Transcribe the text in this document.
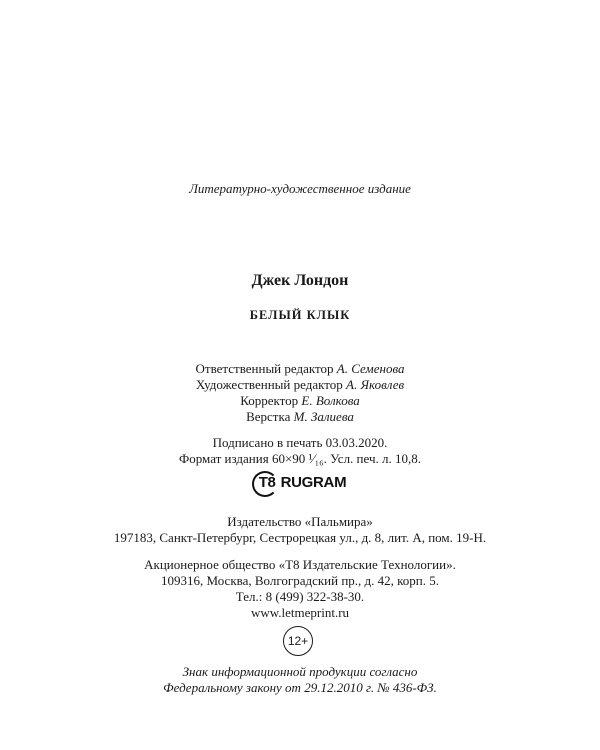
Литературно-художественное издание
Джек Лондон
БЕЛЫЙ КЛЫК
Ответственный редактор А. Семенова
Художественный редактор А. Яковлев
Корректор Е. Волкова
Верстка М. Залиева
Подписано в печать 03.03.2020.
Формат издания 60×90 ¹⁄₁₆. Усл. печ. л. 10,8.
T8 RUGRAM
Издательство «Пальмира»
197183, Санкт-Петербург, Сестрорецкая ул., д. 8, лит. А, пом. 19-Н.
Акционерное общество «Т8 Издательские Технологии».
109316, Москва, Волгоградский пр., д. 42, корп. 5.
Тел.: 8 (499) 322-38-30.
www.letmeprint.ru
12+
Знак информационной продукции согласно
Федеральному закону от 29.12.2010 г. № 436-ФЗ.
